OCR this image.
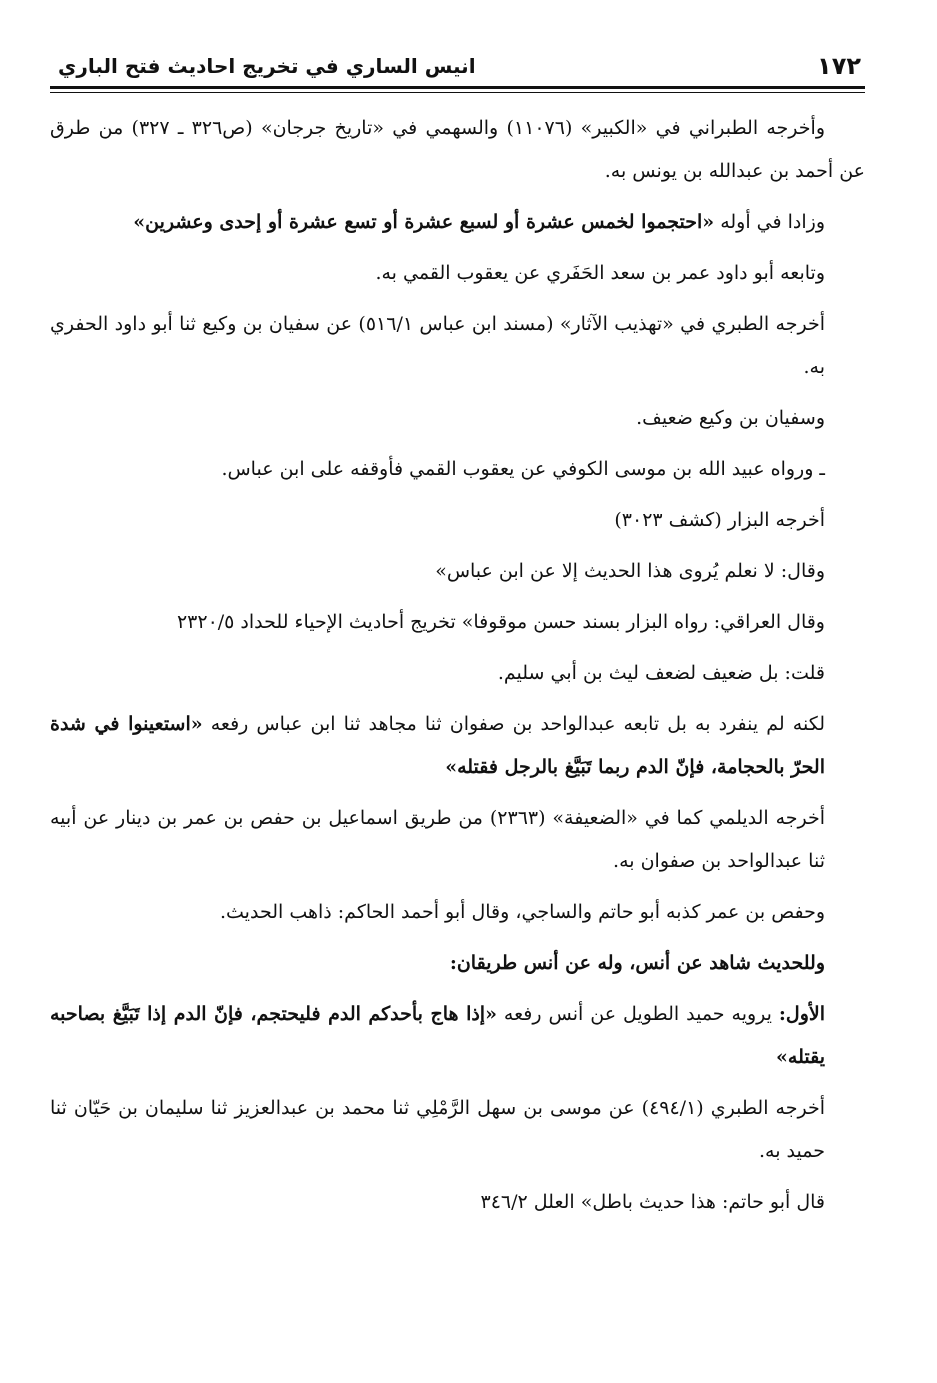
١٧٢
انيس الساري في تخريج احاديث فتح الباري

وأخرجه الطبراني في «الكبير» (١١٠٧٦) والسهمي في «تاريخ جرجان» (ص٣٢٦ ـ ٣٢٧) من طرق عن أحمد بن عبدالله بن يونس به.

وزادا في أوله «احتجموا لخمس عشرة أو لسبع عشرة أو تسع عشرة أو إحدى وعشرين»

وتابعه أبو داود عمر بن سعد الحَفَري عن يعقوب القمي به.

أخرجه الطبري في «تهذيب الآثار» (مسند ابن عباس ٥١٦/١) عن سفيان بن وكيع ثنا أبو داود الحفري به.

وسفيان بن وكيع ضعيف.

ـ ورواه عبيد الله بن موسى الكوفي عن يعقوب القمي فأوقفه على ابن عباس.

أخرجه البزار (كشف ٣٠٢٣)

وقال: لا نعلم يُروى هذا الحديث إلا عن ابن عباس»

وقال العراقي: رواه البزار بسند حسن موقوفا» تخريج أحاديث الإحياء للحداد ٢٣٢٠/٥

قلت: بل ضعيف لضعف ليث بن أبي سليم.

لكنه لم ينفرد به بل تابعه عبدالواحد بن صفوان ثنا مجاهد ثنا ابن عباس رفعه «استعينوا في شدة الحرّ بالحجامة، فإنّ الدم ربما تَبَيَّغ بالرجل فقتله»

أخرجه الديلمي كما في «الضعيفة» (٢٣٦٣) من طريق اسماعيل بن حفص بن عمر بن دينار عن أبيه ثنا عبدالواحد بن صفوان به.

وحفص بن عمر كذبه أبو حاتم والساجي، وقال أبو أحمد الحاكم: ذاهب الحديث.

وللحديث شاهد عن أنس، وله عن أنس طريقان:

الأول: يرويه حميد الطويل عن أنس رفعه «إذا هاج بأحدكم الدم فليحتجم، فإنّ الدم إذا تَبَيَّغ بصاحبه يقتله»

أخرجه الطبري (٤٩٤/١) عن موسى بن سهل الرَّمْلِي ثنا محمد بن عبدالعزيز ثنا سليمان بن حَيّان ثنا حميد به.

قال أبو حاتم: هذا حديث باطل» العلل ٣٤٦/٢
